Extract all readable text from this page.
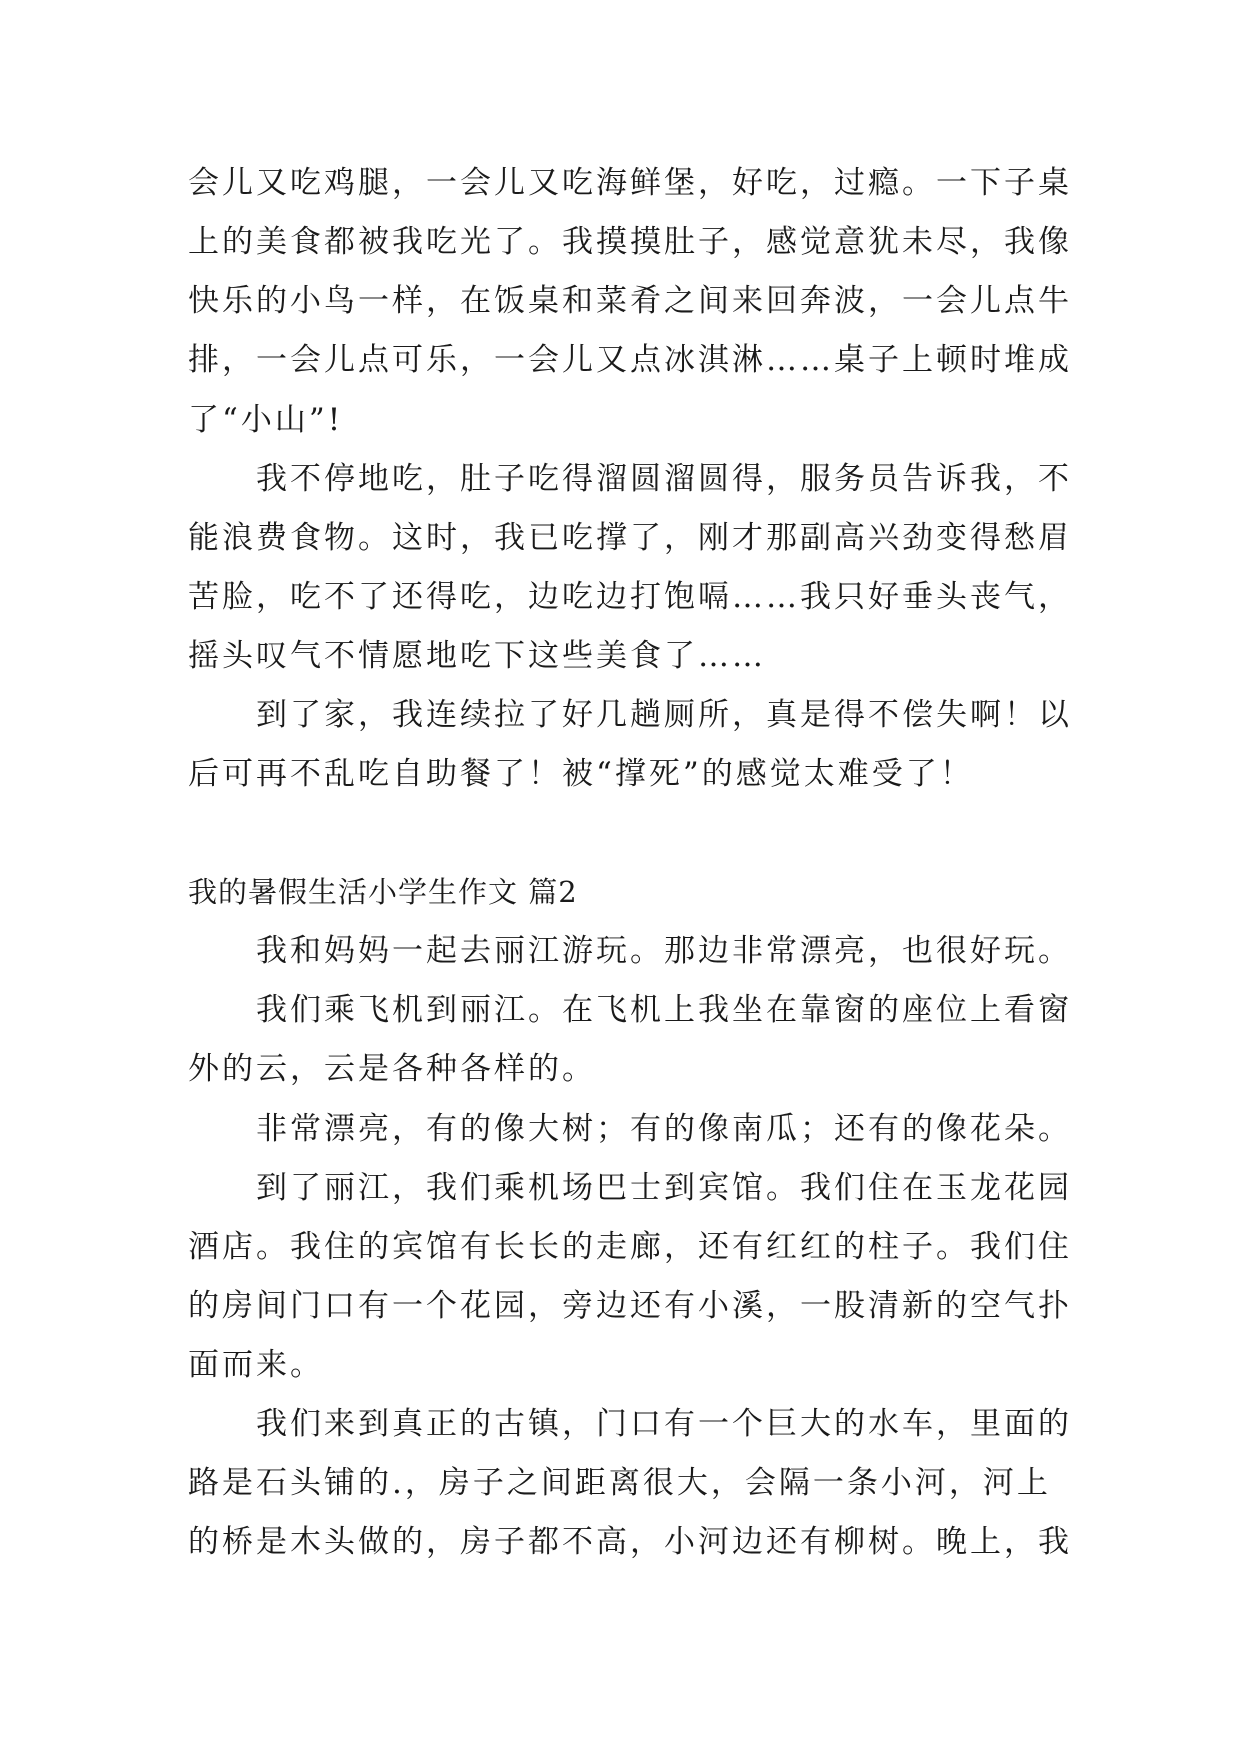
会儿又吃鸡腿，一会儿又吃海鲜堡，好吃，过瘾。一下子桌
上的美食都被我吃光了。我摸摸肚子，感觉意犹未尽，我像
快乐的小鸟一样，在饭桌和菜肴之间来回奔波，一会儿点牛
排，一会儿点可乐，一会儿又点冰淇淋……桌子上顿时堆成
了“小山”!
我不停地吃，肚子吃得溜圆溜圆得，服务员告诉我，不
能浪费食物。这时，我已吃撑了，刚才那副高兴劲变得愁眉
苦脸，吃不了还得吃，边吃边打饱嗝……我只好垂头丧气，
摇头叹气不情愿地吃下这些美食了……
到了家，我连续拉了好几趟厕所，真是得不偿失啊！以
后可再不乱吃自助餐了！被“撑死”的感觉太难受了！
我的暑假生活小学生作文 篇2
我和妈妈一起去丽江游玩。那边非常漂亮，也很好玩。
我们乘飞机到丽江。在飞机上我坐在靠窗的座位上看窗
外的云，云是各种各样的。
非常漂亮，有的像大树；有的像南瓜；还有的像花朵。
到了丽江，我们乘机场巴士到宾馆。我们住在玉龙花园
酒店。我住的宾馆有长长的走廊，还有红红的柱子。我们住
的房间门口有一个花园，旁边还有小溪，一股清新的空气扑
面而来。
我们来到真正的古镇，门口有一个巨大的水车，里面的
路是石头铺的.，房子之间距离很大，会隔一条小河，河上
的桥是木头做的，房子都不高，小河边还有柳树。晚上，我
